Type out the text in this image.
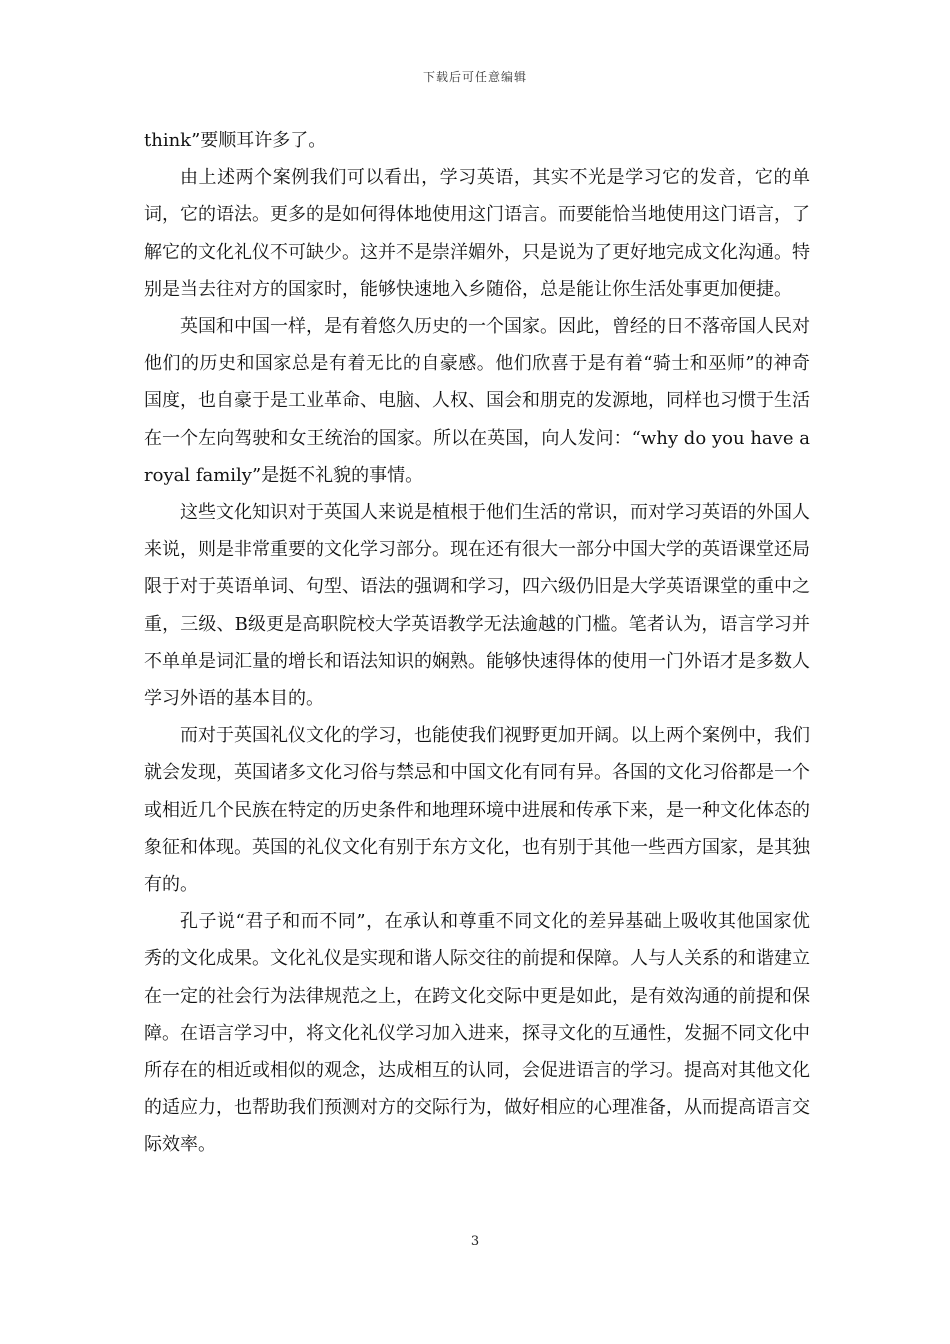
下载后可任意编辑

think”要顺耳许多了。

由上述两个案例我们可以看出，学习英语，其实不光是学习它的发音，它的单词，它的语法。更多的是如何得体地使用这门语言。而要能恰当地使用这门语言，了解它的文化礼仪不可缺少。这并不是崇洋媚外，只是说为了更好地完成文化沟通。特别是当去往对方的国家时，能够快速地入乡随俗，总是能让你生活处事更加便捷。

英国和中国一样，是有着悠久历史的一个国家。因此，曾经的日不落帝国人民对他们的历史和国家总是有着无比的自豪感。他们欣喜于是有着“骑士和巫师”的神奇国度，也自豪于是工业革命、电脑、人权、国会和朋克的发源地，同样也习惯于生活在一个左向驾驶和女王统治的国家。所以在英国，向人发问：“why do you have a royal family”是挺不礼貌的事情。

这些文化知识对于英国人来说是植根于他们生活的常识，而对学习英语的外国人来说，则是非常重要的文化学习部分。现在还有很大一部分中国大学的英语课堂还局限于对于英语单词、句型、语法的强调和学习，四六级仍旧是大学英语课堂的重中之重，三级、B级更是高职院校大学英语教学无法逾越的门槛。笔者认为，语言学习并不单单是词汇量的增长和语法知识的娴熟。能够快速得体的使用一门外语才是多数人学习外语的基本目的。

而对于英国礼仪文化的学习，也能使我们视野更加开阔。以上两个案例中，我们就会发现，英国诸多文化习俗与禁忌和中国文化有同有异。各国的文化习俗都是一个或相近几个民族在特定的历史条件和地理环境中进展和传承下来，是一种文化体态的象征和体现。英国的礼仪文化有别于东方文化，也有别于其他一些西方国家，是其独有的。

孔子说“君子和而不同”，在承认和尊重不同文化的差异基础上吸收其他国家优秀的文化成果。文化礼仪是实现和谐人际交往的前提和保障。人与人关系的和谐建立在一定的社会行为法律规范之上，在跨文化交际中更是如此，是有效沟通的前提和保障。在语言学习中，将文化礼仪学习加入进来，探寻文化的互通性，发掘不同文化中所存在的相近或相似的观念，达成相互的认同，会促进语言的学习。提高对其他文化的适应力，也帮助我们预测对方的交际行为，做好相应的心理准备，从而提高语言交际效率。

3
